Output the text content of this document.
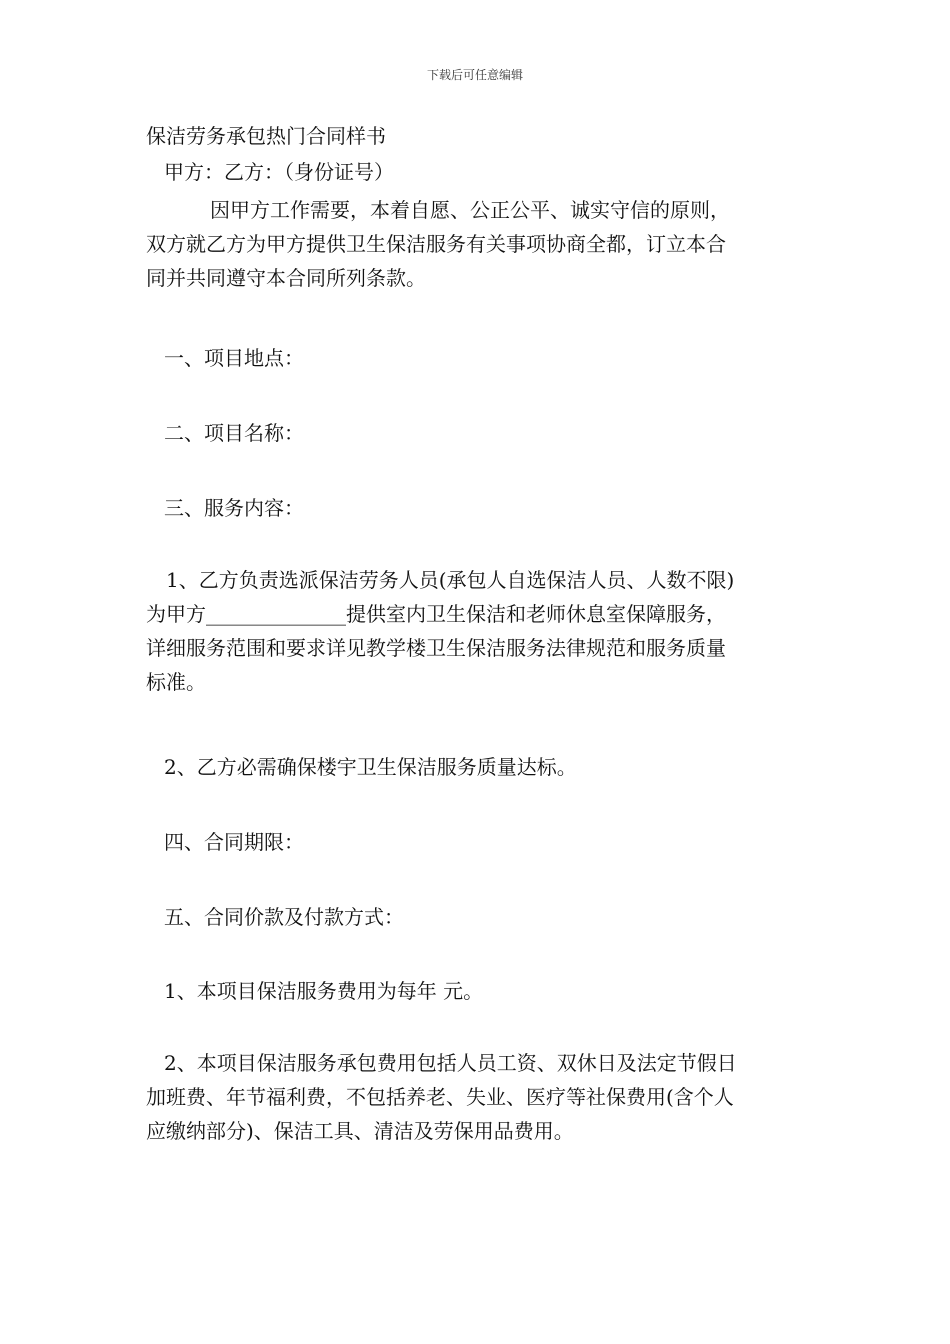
下载后可任意编辑
保洁劳务承包热门合同样书
甲方：乙方：（身份证号）

因甲方工作需要，本着自愿、公正公平、诚实守信的原则，

双方就乙方为甲方提供卫生保洁服务有关事项协商全都，订立本合

同并共同遵守本合同所列条款。

一、项目地点：
二、项目名称：
三、服务内容：

1、乙方负责选派保洁劳务人员(承包人自选保洁人员、人数不限)

为甲方______________提供室内卫生保洁和老师休息室保障服务，

详细服务范围和要求详见教学楼卫生保洁服务法律规范和服务质量

标准。

2、乙方必需确保楼宇卫生保洁服务质量达标。
四、合同期限：
五、合同价款及付款方式：
1、本项目保洁服务费用为每年 元。

2、本项目保洁服务承包费用包括人员工资、双休日及法定节假日

加班费、年节福利费，不包括养老、失业、医疗等社保费用(含个人

应缴纳部分)、保洁工具、清洁及劳保用品费用。
